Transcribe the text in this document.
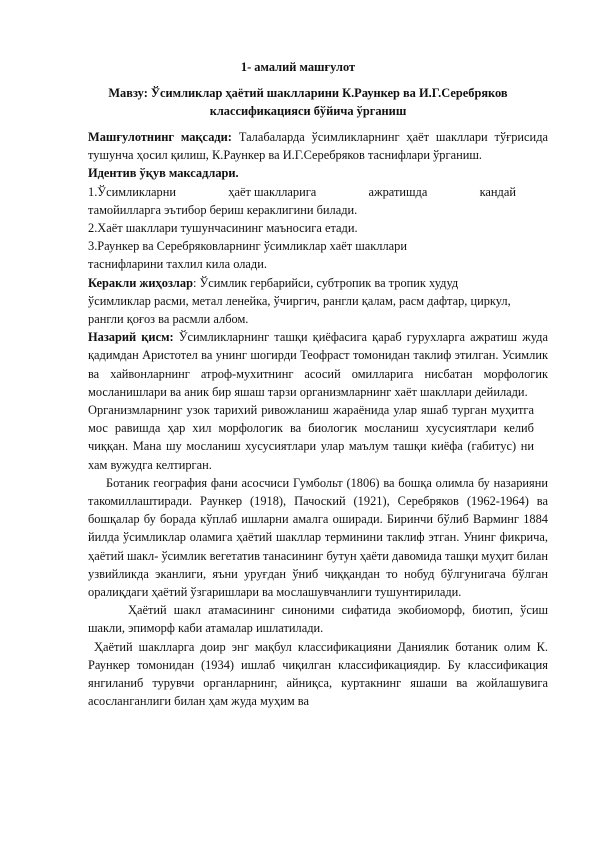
1- амалий машғулот
Мавзу: Ўсимликлар ҳаётий шаклларини К.Раункер ва И.Г.Серебряков классификацияси бўйича ўрганиш

Машғулотнинг мақсади: Талабаларда ўсимликларнинг ҳаёт шакллари тўғрисида тушунча ҳосил қилиш, К.Раункер ва И.Г.Серебряков таснифлари ўрганиш.

Идентив ўқув максадлари.

1.Ўсимликларни	ҳаёт шаклларига	ажратишда	кандай

тамойилларга эътибор бериш кераклигини билади.

2.Хаёт шакллари тушунчасининг маъносига етади.

3.Раункер ва Серебряковларнинг ўсимликлар хаёт шакллари

таснифларини тахлил кила олади.

Керакли жиҳозлар: Ўсимлик гербарийси, субтропик ва тропик худуд ўсимликлар расми, метал ленейка, ўчиргич, рангли қалам, расм дафтар, циркул, рангли қоғоз ва расмли албом.

Назарий қисм: Ўсимликларнинг ташқи қиёфасига қараб гурухларга ажратиш жуда қадимдан Аристотел ва унинг шогирди Теофраст томонидан таклиф этилган. Усимлик ва хайвонларнинг атроф-мухитнинг асосий омилларига нисбатан морфологик мосланишлари ва аник бир яшаш тарзи организмларнинг хаёт шакллари дейилади.

Организмларнинг узок тарихий ривожланиш жараёнида улар яшаб турган муҳитга мос равишда ҳар хил морфологик ва биологик мосланиш хусусиятлари келиб чиққан. Мана шу мосланиш хусусиятлари улар маълум ташқи киёфа (габитус) ни хам вужудга келтирган.

Ботаник география фани асосчиси Гумбольт (1806) ва бошқа олимла бу назарияни такомиллаштиради. Раункер (1918), Пачоский (1921), Серебряков (1962-1964) ва бошқалар бу борада кўплаб ишларни амалга оширади. Биринчи бўлиб Варминг 1884 йилда ўсимликлар оламига ҳаётий шакллар терминини таклиф этган. Унинг фикрича, ҳаётий шакл- ўсимлик вегетатив танасининг бутун ҳаёти давомида ташқи муҳит билан узвийликда эканлиги, яъни уруғдан ўниб чиққандан то нобуд бўлгунигача бўлган оралиқдаги ҳаётий ўзгаришлари ва мослашувчанлиги тушунтирилади.

Ҳаётий шакл атамасининг синоними сифатида экобиоморф, биотип, ўсиш шакли, эпиморф каби атамалар ишлатилади.

Ҳаётий шаклларга доир энг мақбул классификацияни Даниялик ботаник олим К. Раункер томонидан (1934) ишлаб чиқилган классификациядир. Бу классификация янгиланиб турувчи органларнинг, айниқса, куртакнинг яшаши ва жойлашувига асосланганлиги билан ҳам жуда муҳим ва
